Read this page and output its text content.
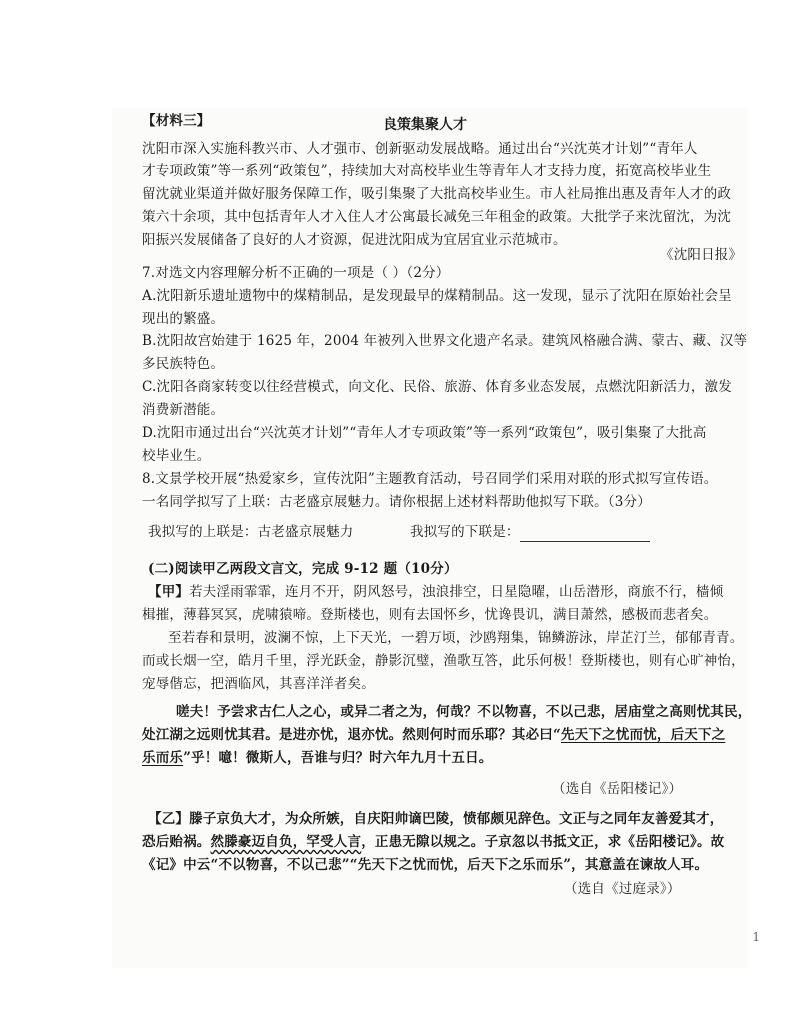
【材料三】	良策集聚人才
沈阳市深入实施科教兴市、人才强市、创新驱动发展战略。通过出台“兴沈英才计划”“青年人
才专项政策”等一系列“政策包”，持续加大对高校毕业生等青年人才支持力度，拓宽高校毕业生
留沈就业渠道并做好服务保障工作，吸引集聚了大批高校毕业生。市人社局推出惠及青年人才的政
策六十余项，其中包括青年人才入住人才公寓最长减免三年租金的政策。大批学子来沈留沈，为沈
阳振兴发展储备了良好的人才资源，促进沈阳成为宜居宜业示范城市。
《沈阳日报》
7.对选文内容理解分析不正确的一项是（ ）（2分）
A.沈阳新乐遗址遗物中的煤精制品，是发现最早的煤精制品。这一发现，显示了沈阳在原始社会呈
现出的繁盛。
B.沈阳故宫始建于 1625 年，2004 年被列入世界文化遗产名录。建筑风格融合满、蒙古、藏、汉等
多民族特色。
C.沈阳各商家转变以往经营模式，向文化、民俗、旅游、体育多业态发展，点燃沈阳新活力，激发
消费新潜能。
D.沈阳市通过出台“兴沈英才计划”“青年人才专项政策”等一系列“政策包”，吸引集聚了大批高
校毕业生。
8.文景学校开展“热爱家乡，宣传沈阳”主题教育活动，号召同学们采用对联的形式拟写宣传语。
一名同学拟写了上联：古老盛京展魅力。请你根据上述材料帮助他拟写下联。（3分）
我拟写的上联是：古老盛京展魅力	我拟写的下联是：
(二)阅读甲乙两段文言文，完成 9-12 题（10分）
【甲】若夫淫雨霏霏，连月不开，阴风怒号，浊浪排空，日星隐曜，山岳潜形，商旅不行，樯倾
楫摧，薄暮冥冥，虎啸猿啼。登斯楼也，则有去国怀乡，忧谗畏讥，满目萧然，感极而悲者矣。
至若春和景明，波澜不惊，上下天光，一碧万顷，沙鸥翔集，锦鳞游泳，岸芷汀兰，郁郁青青。
而或长烟一空，皓月千里，浮光跃金，静影沉璧，渔歌互答，此乐何极！登斯楼也，则有心旷神怡，
宠辱偕忘，把酒临风，其喜洋洋者矣。
嗟夫！予尝求古仁人之心，或异二者之为，何哉？不以物喜，不以己悲，居庙堂之高则忧其民，
处江湖之远则忧其君。是进亦忧，退亦忧。然则何时而乐耶？其必曰“先天下之忧而忧，后天下之
乐而乐”乎！噫！微斯人，吾谁与归？时六年九月十五日。
（选自《岳阳楼记》）
【乙】滕子京负大才，为众所嫉，自庆阳帅谪巴陵，愤郁颇见辞色。文正与之同年友善爱其才，
恐后贻祸。然滕豪迈自负，罕受人言，正患无隙以规之。子京忽以书抵文正，求《岳阳楼记》。故
《记》中云“不以物喜，不以己悲”“先天下之忧而忧，后天下之乐而乐”，其意盖在谏故人耳。
（选自《过庭录》）
1
